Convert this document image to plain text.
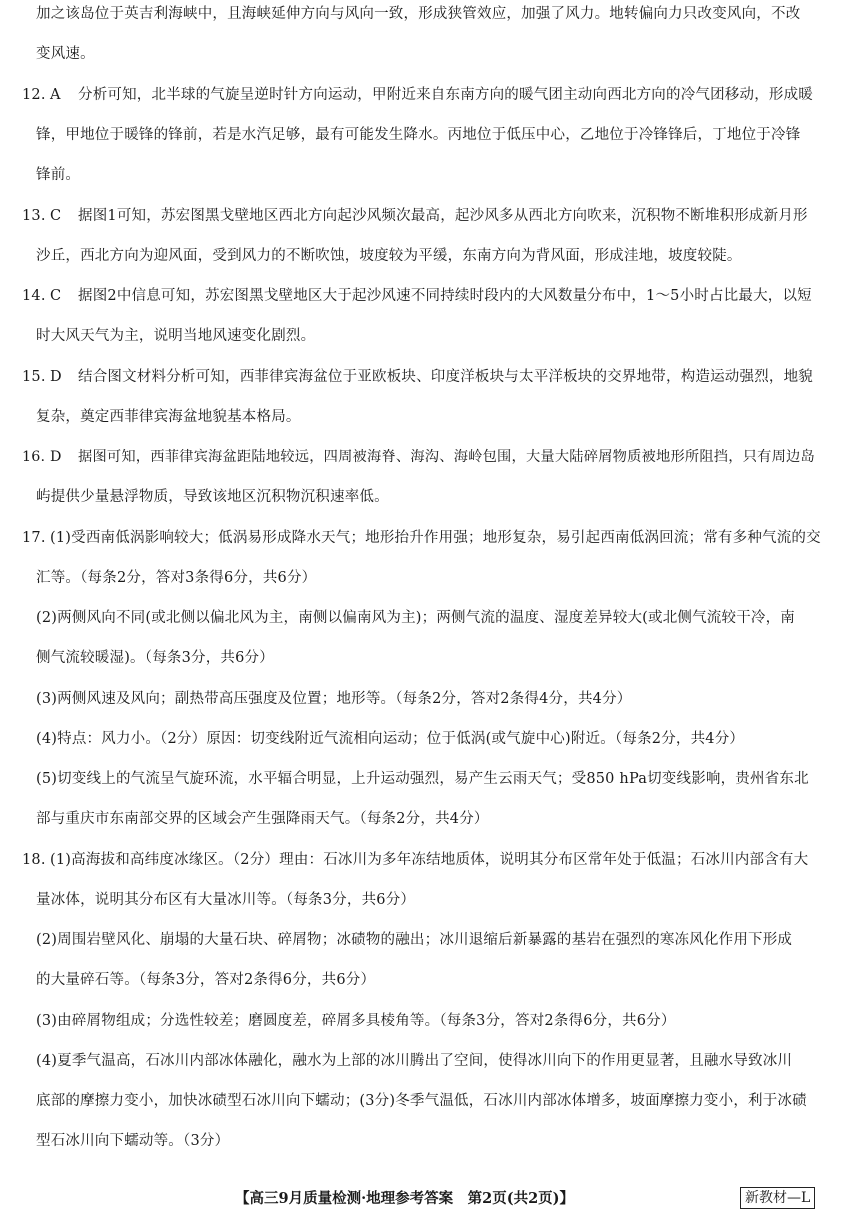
加之该岛位于英吉利海峡中，且海峡延伸方向与风向一致，形成狭管效应，加强了风力。地转偏向力只改变风向，不改
变风速。
12. A 分析可知，北半球的气旋呈逆时针方向运动，甲附近来自东南方向的暖气团主动向西北方向的冷气团移动，形成暖
锋，甲地位于暖锋的锋前，若是水汽足够，最有可能发生降水。丙地位于低压中心，乙地位于冷锋锋后，丁地位于冷锋
锋前。
13. C 据图1可知，苏宏图黑戈壁地区西北方向起沙风频次最高，起沙风多从西北方向吹来，沉积物不断堆积形成新月形
沙丘，西北方向为迎风面，受到风力的不断吹蚀，坡度较为平缓，东南方向为背风面，形成洼地，坡度较陡。
14. C 据图2中信息可知，苏宏图黑戈壁地区大于起沙风速不同持续时段内的大风数量分布中，1～5小时占比最大，以短
时大风天气为主，说明当地风速变化剧烈。
15. D 结合图文材料分析可知，西菲律宾海盆位于亚欧板块、印度洋板块与太平洋板块的交界地带，构造运动强烈，地貌
复杂，奠定西菲律宾海盆地貌基本格局。
16. D 据图可知，西菲律宾海盆距陆地较远，四周被海脊、海沟、海岭包围，大量大陆碎屑物质被地形所阻挡，只有周边岛
屿提供少量悬浮物质，导致该地区沉积物沉积速率低。
17. (1)受西南低涡影响较大；低涡易形成降水天气；地形抬升作用强；地形复杂，易引起西南低涡回流；常有多种气流的交
汇等。（每条2分，答对3条得6分，共6分）
(2)两侧风向不同(或北侧以偏北风为主，南侧以偏南风为主)；两侧气流的温度、湿度差异较大(或北侧气流较干冷，南
侧气流较暖湿)。（每条3分，共6分）
(3)两侧风速及风向；副热带高压强度及位置；地形等。（每条2分，答对2条得4分，共4分）
(4)特点：风力小。（2分）原因：切变线附近气流相向运动；位于低涡(或气旋中心)附近。（每条2分，共4分）
(5)切变线上的气流呈气旋环流，水平辐合明显，上升运动强烈，易产生云雨天气；受850 hPa切变线影响，贵州省东北
部与重庆市东南部交界的区域会产生强降雨天气。（每条2分，共4分）
18. (1)高海拔和高纬度冰缘区。（2分）理由：石冰川为多年冻结地质体，说明其分布区常年处于低温；石冰川内部含有大
量冰体，说明其分布区有大量冰川等。（每条3分，共6分）
(2)周围岩壁风化、崩塌的大量石块、碎屑物；冰碛物的融出；冰川退缩后新暴露的基岩在强烈的寒冻风化作用下形成
的大量碎石等。（每条3分，答对2条得6分，共6分）
(3)由碎屑物组成；分选性较差；磨圆度差，碎屑多具棱角等。（每条3分，答对2条得6分，共6分）
(4)夏季气温高，石冰川内部冰体融化，融水为上部的冰川腾出了空间，使得冰川向下的作用更显著，且融水导致冰川
底部的摩擦力变小，加快冰碛型石冰川向下蠕动；(3分)冬季气温低，石冰川内部冰体增多，坡面摩擦力变小，利于冰碛
型石冰川向下蠕动等。（3分）
【高三9月质量检测·地理参考答案　第2页(共2页)】	新教材—L
